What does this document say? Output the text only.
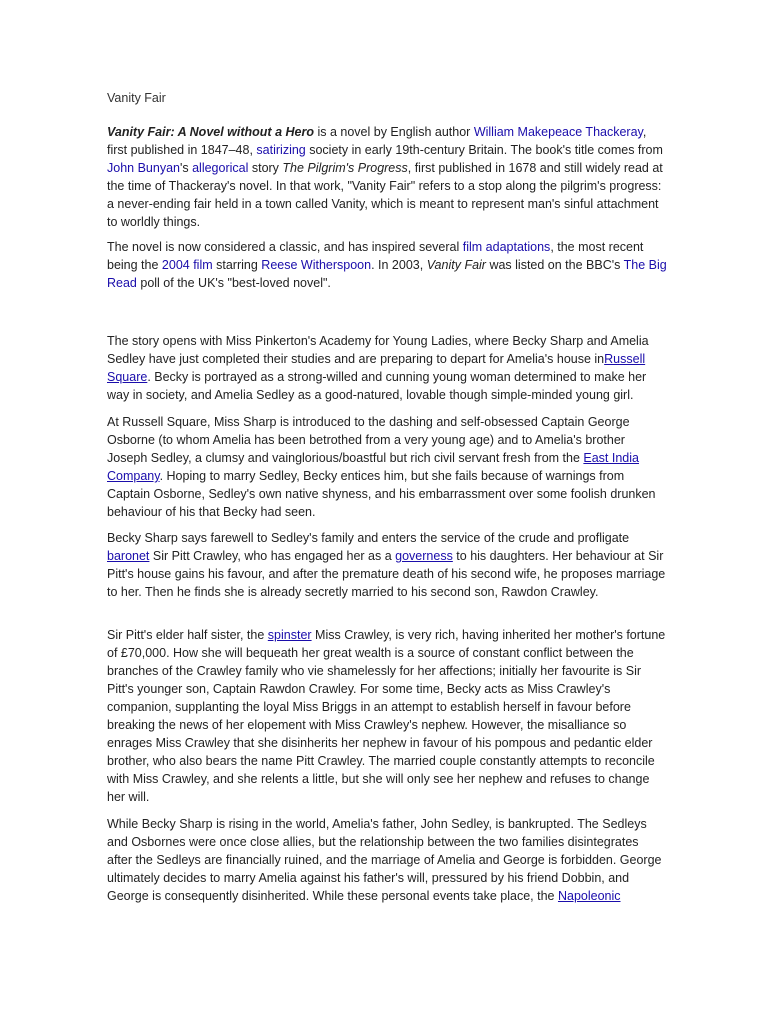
Vanity Fair

Vanity Fair: A Novel without a Hero is a novel by English author William Makepeace Thackeray, first published in 1847–48, satirizing society in early 19th-century Britain. The book's title comes from John Bunyan's allegorical story The Pilgrim's Progress, first published in 1678 and still widely read at the time of Thackeray's novel. In that work, "Vanity Fair" refers to a stop along the pilgrim's progress: a never-ending fair held in a town called Vanity, which is meant to represent man's sinful attachment to worldly things.

The novel is now considered a classic, and has inspired several film adaptations, the most recent being the 2004 film starring Reese Witherspoon. In 2003, Vanity Fair was listed on the BBC's The Big Read poll of the UK's "best-loved novel".

The story opens with Miss Pinkerton's Academy for Young Ladies, where Becky Sharp and Amelia Sedley have just completed their studies and are preparing to depart for Amelia's house inRussell Square. Becky is portrayed as a strong-willed and cunning young woman determined to make her way in society, and Amelia Sedley as a good-natured, lovable though simple-minded young girl.

At Russell Square, Miss Sharp is introduced to the dashing and self-obsessed Captain George Osborne (to whom Amelia has been betrothed from a very young age) and to Amelia's brother Joseph Sedley, a clumsy and vainglorious/boastful but rich civil servant fresh from the East India Company. Hoping to marry Sedley, Becky entices him, but she fails because of warnings from Captain Osborne, Sedley's own native shyness, and his embarrassment over some foolish drunken behaviour of his that Becky had seen.

Becky Sharp says farewell to Sedley's family and enters the service of the crude and profligate baronet Sir Pitt Crawley, who has engaged her as a governess to his daughters. Her behaviour at Sir Pitt's house gains his favour, and after the premature death of his second wife, he proposes marriage to her. Then he finds she is already secretly married to his second son, Rawdon Crawley.

Sir Pitt's elder half sister, the spinster Miss Crawley, is very rich, having inherited her mother's fortune of £70,000. How she will bequeath her great wealth is a source of constant conflict between the branches of the Crawley family who vie shamelessly for her affections; initially her favourite is Sir Pitt's younger son, Captain Rawdon Crawley. For some time, Becky acts as Miss Crawley's companion, supplanting the loyal Miss Briggs in an attempt to establish herself in favour before breaking the news of her elopement with Miss Crawley's nephew. However, the misalliance so enrages Miss Crawley that she disinherits her nephew in favour of his pompous and pedantic elder brother, who also bears the name Pitt Crawley. The married couple constantly attempts to reconcile with Miss Crawley, and she relents a little, but she will only see her nephew and refuses to change her will.

While Becky Sharp is rising in the world, Amelia's father, John Sedley, is bankrupted. The Sedleys and Osbornes were once close allies, but the relationship between the two families disintegrates after the Sedleys are financially ruined, and the marriage of Amelia and George is forbidden. George ultimately decides to marry Amelia against his father's will, pressured by his friend Dobbin, and George is consequently disinherited. While these personal events take place, the Napoleonic
